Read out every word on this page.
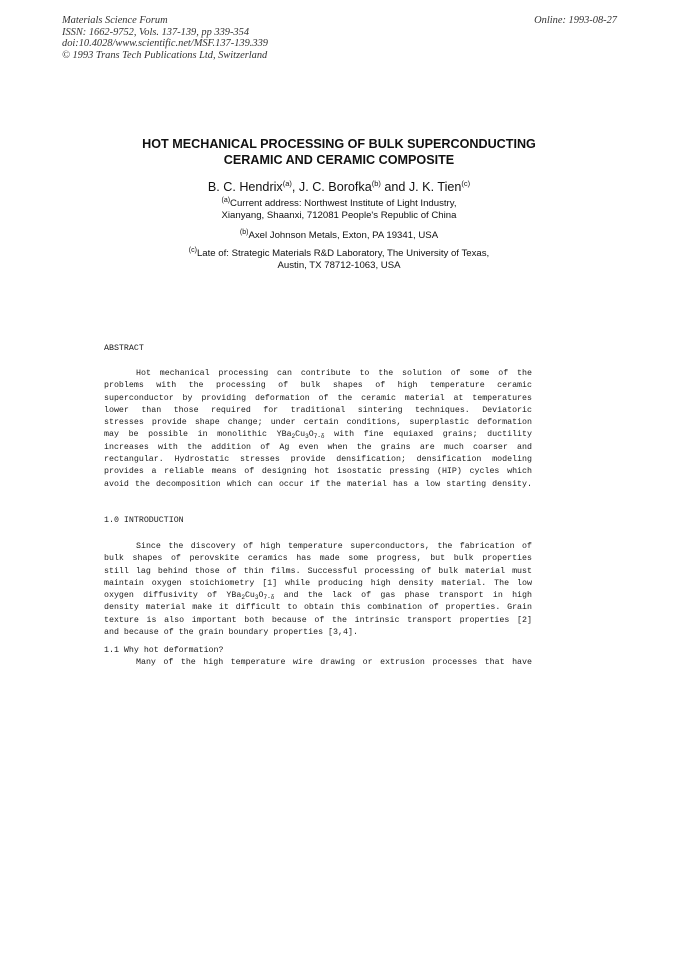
Materials Science Forum
ISSN: 1662-9752, Vols. 137-139, pp 339-354
doi:10.4028/www.scientific.net/MSF.137-139.339
© 1993 Trans Tech Publications Ltd, Switzerland
Online: 1993-08-27
HOT MECHANICAL PROCESSING OF BULK SUPERCONDUCTING
CERAMIC AND CERAMIC COMPOSITE
B. C. Hendrix$^{(a)}$, J. C. Borofka$^{(b)}$ and J. K. Tien$^{(c)}$
$^{(a)}$Current address: Northwest Institute of Light Industry,
Xianyang, Shaanxi, 712081 People's Republic of China
$^{(b)}$Axel Johnson Metals, Exton, PA 19341, USA
$^{(c)}$Late of: Strategic Materials R&D Laboratory, The University of Texas,
Austin, TX 78712-1063, USA
ABSTRACT
Hot mechanical processing can contribute to the solution of some of the
problems with the processing of bulk shapes of high temperature ceramic
superconductor by providing deformation of the ceramic material at temperatures
lower than those required for traditional sintering techniques. Deviatoric
stresses provide shape change; under certain conditions, superplastic deformation
may be possible in monolithic $YBa_2Cu_3O_{7-\delta}$ with fine equiaxed grains; ductility
increases with the addition of Ag even when the grains are much coarser and
rectangular. Hydrostatic stresses provide densification; densification modeling
provides a reliable means of designing hot isostatic pressing (HIP) cycles which
avoid the decomposition which can occur if the material has a low starting density.
1.0 INTRODUCTION
Since the discovery of high temperature superconductors, the fabrication of
bulk shapes of perovskite ceramics has made some progress, but bulk properties
still lag behind those of thin films. Successful processing of bulk material must
maintain oxygen stoichiometry [1] while producing high density material. The low
oxygen diffusivity of $YBa_2Cu_3O_{7-\delta}$ and the lack of gas phase transport in high
density material make it difficult to obtain this combination of properties. Grain
texture is also important both because of the intrinsic transport properties [2]
and because of the grain boundary properties [3,4].
1.1 Why hot deformation?
Many of the high temperature wire drawing or extrusion processes that have
